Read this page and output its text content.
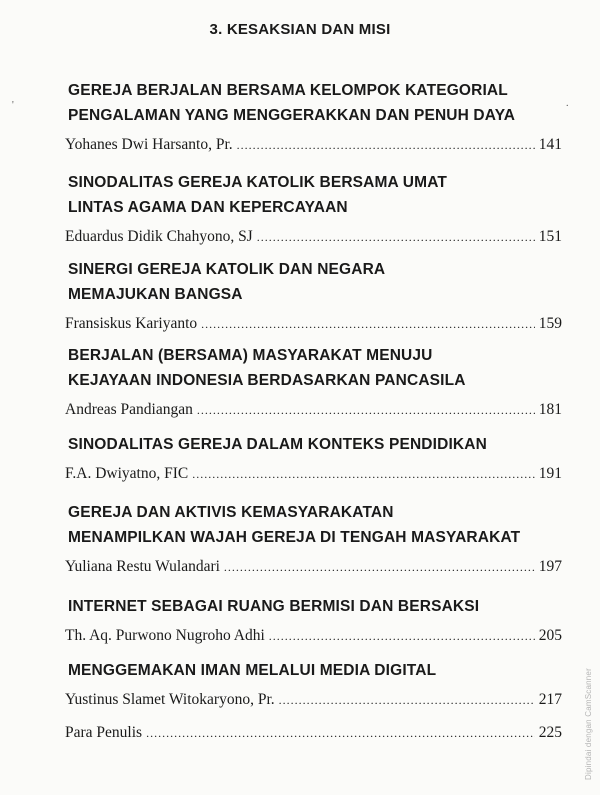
3. KESAKSIAN DAN MISI
'	.
GEREJA BERJALAN BERSAMA KELOMPOK KATEGORIAL
PENGALAMAN YANG MENGGERAKKAN DAN PENUH DAYA
Yohanes Dwi Harsanto, Pr. .....	141
SINODALITAS GEREJA KATOLIK BERSAMA UMAT
LINTAS AGAMA DAN KEPERCAYAAN
Eduardus Didik Chahyono, SJ .....	151
SINERGI GEREJA KATOLIK DAN NEGARA
MEMAJUKAN BANGSA
Fransiskus Kariyanto .....	159
BERJALAN (BERSAMA) MASYARAKAT MENUJU
KEJAYAAN INDONESIA BERDASARKAN PANCASILA
Andreas Pandiangan .....	181
SINODALITAS GEREJA DALAM KONTEKS PENDIDIKAN
F.A. Dwiyatno, FIC .....	191
GEREJA DAN AKTIVIS KEMASYARAKATAN
MENAMPILKAN WAJAH GEREJA DI TENGAH MASYARAKAT
Yuliana Restu Wulandari .....	197
INTERNET SEBAGAI RUANG BERMISI DAN BERSAKSI
Th. Aq. Purwono Nugroho Adhi .....	205
MENGGEMAKAN IMAN MELALUI MEDIA DIGITAL
Yustinus Slamet Witokaryono, Pr. .....	217
Para Penulis .....	225	Dipindai dengan CamScanner
